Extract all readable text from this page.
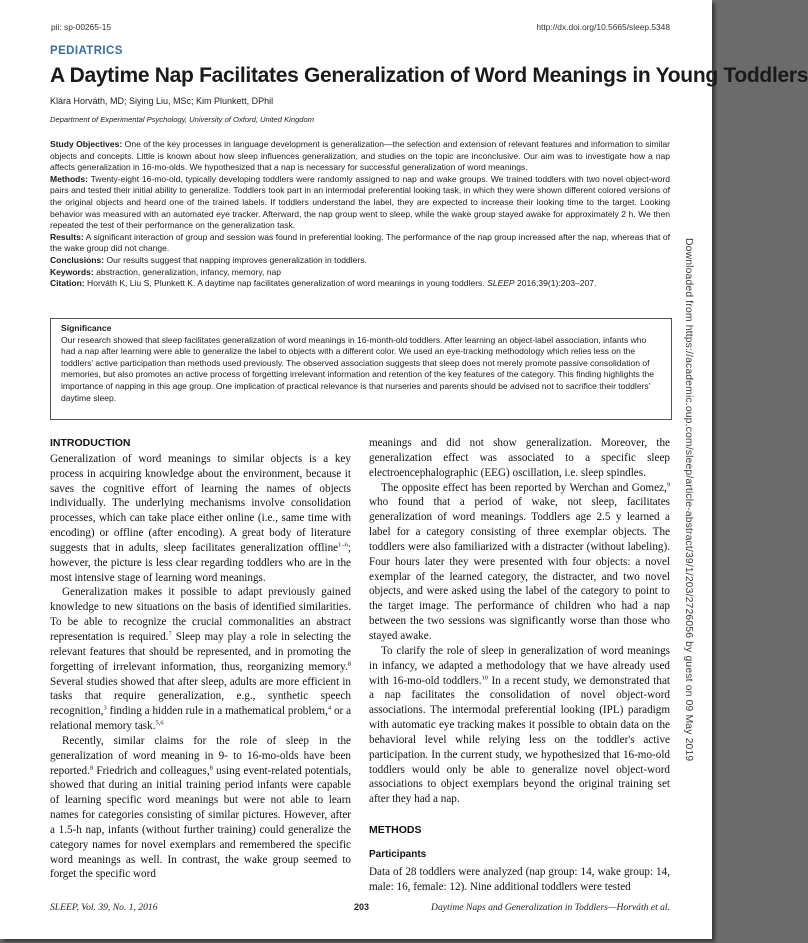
pii: sp-00265-15	http://dx.doi.org/10.5665/sleep.5348
PEDIATRICS
A Daytime Nap Facilitates Generalization of Word Meanings in Young Toddlers
Klára Horváth, MD; Siying Liu, MSc; Kim Plunkett, DPhil
Department of Experimental Psychology, University of Oxford, United Kingdom

Study Objectives: One of the key processes in language development is generalization—the selection and extension of relevant features and information to similar objects and concepts. Little is known about how sleep influences generalization, and studies on the topic are inconclusive. Our aim was to investigate how a nap affects generalization in 16-mo-olds. We hypothesized that a nap is necessary for successful generalization of word meanings.

Methods: Twenty-eight 16-mo-old, typically developing toddlers were randomly assigned to nap and wake groups. We trained toddlers with two novel object-word pairs and tested their initial ability to generalize. Toddlers took part in an intermodal preferential looking task, in which they were shown different colored versions of the original objects and heard one of the trained labels. If toddlers understand the label, they are expected to increase their looking time to the target. Looking behavior was measured with an automated eye tracker. Afterward, the nap group went to sleep, while the wake group stayed awake for approximately 2 h. We then repeated the test of their performance on the generalization task.

Results: A significant interaction of group and session was found in preferential looking. The performance of the nap group increased after the nap, whereas that of the wake group did not change.

Conclusions: Our results suggest that napping improves generalization in toddlers.

Keywords: abstraction, generalization, infancy, memory, nap

Citation: Horváth K, Liu S, Plunkett K. A daytime nap facilitates generalization of word meanings in young toddlers. SLEEP 2016;39(1):203–207.

Significance
Our research showed that sleep facilitates generalization of word meanings in 16-month-old toddlers. After learning an object-label association, infants who had a nap after learning were able to generalize the label to objects with a different color. We used an eye-tracking methodology which relies less on the toddlers' active participation than methods used previously. The observed association suggests that sleep does not merely promote passive consolidation of memories, but also promotes an active process of forgetting irrelevant information and retention of the key features of the category. This finding highlights the importance of napping in this age group. One implication of practical relevance is that nurseries and parents should be advised not to sacrifice their toddlers' daytime sleep.
INTRODUCTION

Generalization of word meanings to similar objects is a key process in acquiring knowledge about the environment, because it saves the cognitive effort of learning the names of objects individually. The underlying mechanisms involve consolidation processes, which can take place either online (i.e., same time with encoding) or offline (after encoding). A great body of literature suggests that in adults, sleep facilitates generalization offline$^{1-6}$; however, the picture is less clear regarding toddlers who are in the most intensive stage of learning word meanings.

Generalization makes it possible to adapt previously gained knowledge to new situations on the basis of identified similarities. To be able to recognize the crucial commonalities an abstract representation is required.$^7$ Sleep may play a role in selecting the relevant features that should be represented, and in promoting the forgetting of irrelevant information, thus, reorganizing memory.$^8$ Several studies showed that after sleep, adults are more efficient in tasks that require generalization, e.g., synthetic speech recognition,$^3$ finding a hidden rule in a mathematical problem,$^4$ or a relational memory task.$^{5,6}$

Recently, similar claims for the role of sleep in the generalization of word meaning in 9- to 16-mo-olds have been reported.$^8$ Friedrich and colleagues,$^8$ using event-related potentials, showed that during an initial training period infants were capable of learning specific word meanings but were not able to learn names for categories consisting of similar pictures. However, after a 1.5-h nap, infants (without further training) could generalize the category names for novel exemplars and remembered the specific word meanings as well. In contrast, the wake group seemed to forget the specific word

meanings and did not show generalization. Moreover, the generalization effect was associated to a specific sleep electroencephalographic (EEG) oscillation, i.e. sleep spindles.

The opposite effect has been reported by Werchan and Gomez,$^9$ who found that a period of wake, not sleep, facilitates generalization of word meanings. Toddlers age 2.5 y learned a label for a category consisting of three exemplar objects. The toddlers were also familiarized with a distracter (without labeling). Four hours later they were presented with four objects: a novel exemplar of the learned category, the distracter, and two novel objects, and were asked using the label of the category to point to the target image. The performance of children who had a nap between the two sessions was significantly worse than those who stayed awake.

To clarify the role of sleep in generalization of word meanings in infancy, we adapted a methodology that we have already used with 16-mo-old toddlers.$^{10}$ In a recent study, we demonstrated that a nap facilitates the consolidation of novel object-word associations. The intermodal preferential looking (IPL) paradigm with automatic eye tracking makes it possible to obtain data on the behavioral level while relying less on the toddler's active participation. In the current study, we hypothesized that 16-mo-old toddlers would only be able to generalize novel object-word associations to object exemplars beyond the original training set after they had a nap.

METHODS
Participants

Data of 28 toddlers were analyzed (nap group: 14, wake group: 14, male: 16, female: 12). Nine additional toddlers were tested

SLEEP, Vol. 39, No. 1, 2016	203	Daytime Naps and Generalization in Toddlers—Horváth et al.
Downloaded from https://academic.oup.com/sleep/article-abstract/39/1/203/2726056 by guest on 09 May 2019
